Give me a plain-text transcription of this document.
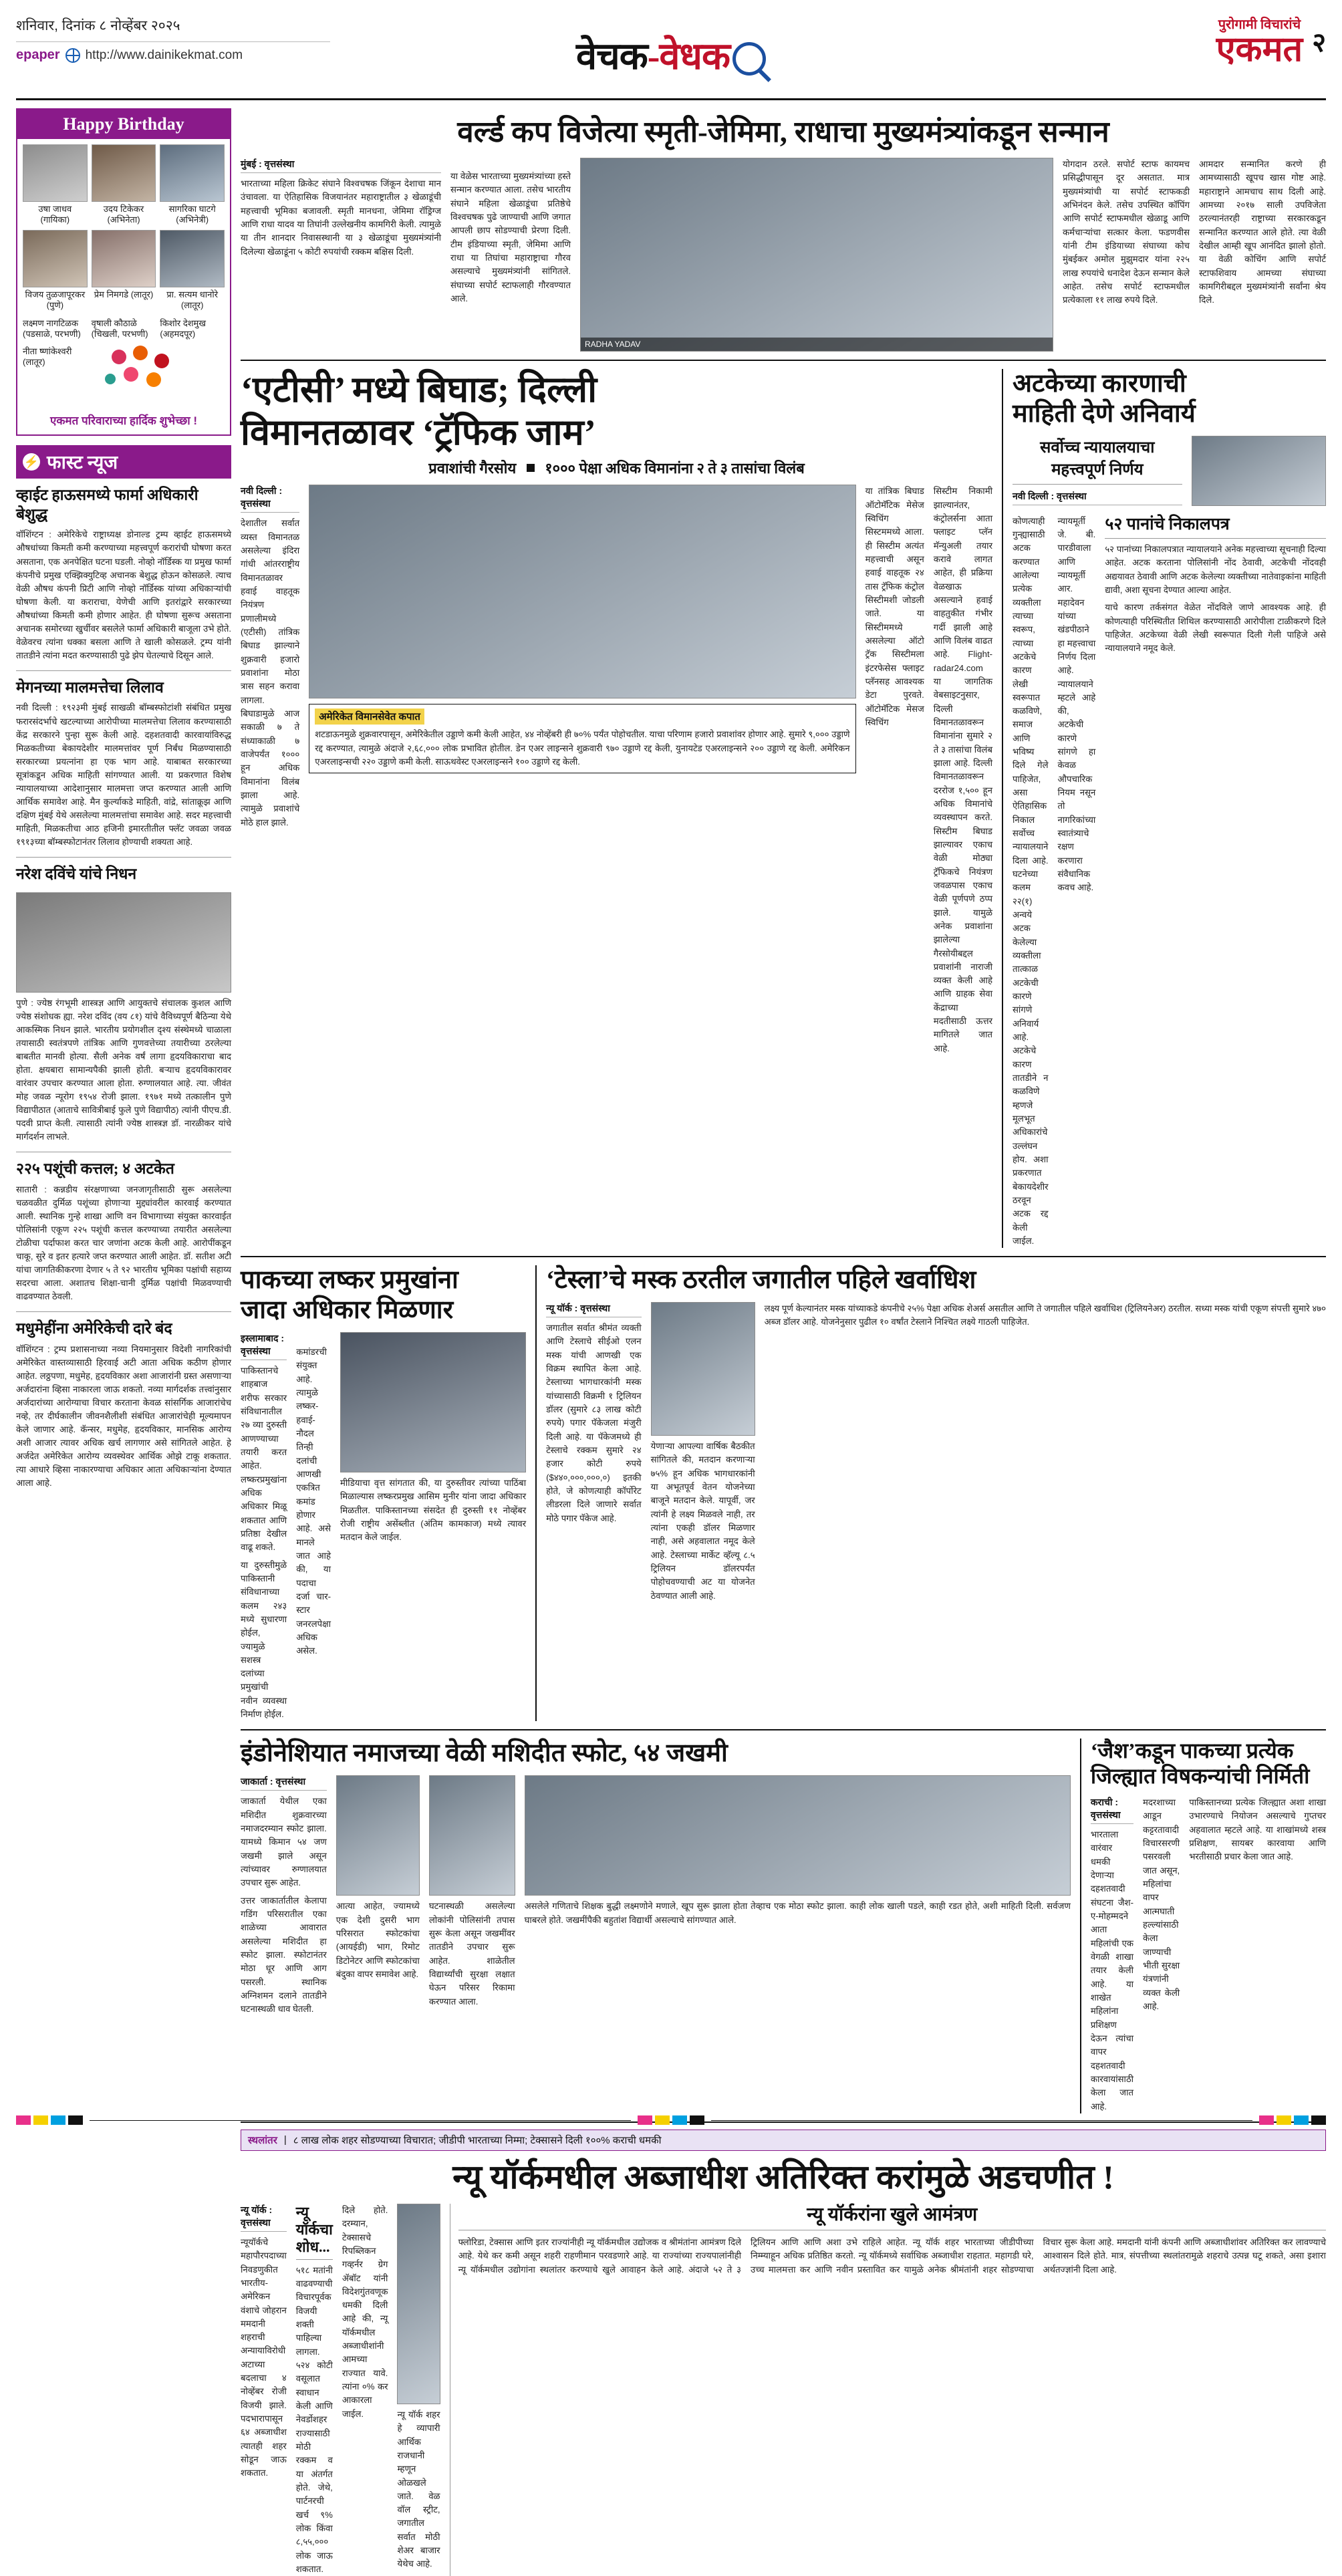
शनिवार, दिनांक ८ नोव्हेंबर २०२५
epaper http://www.dainikekmat.com	वेचक-वेधक
पुरोगामी विचारांचे
एकमत २
Happy Birthday
उषा जाधव (गायिका)
उदय टिकेकर (अभिनेता)
सागरिका घाटगे (अभिनेत्री)
विजय तुळजापूरकर (पुणे)
प्रेम निमगडे (लातूर)	प्रा. सत्यम धानोरे (लातूर)
लक्ष्मण नागटिळक (पडसाळे, परभणी)
वृषाली कौठाळे (चिखली, परभणी)
किशोर देशमुख (अहमदपूर)
नीता ष्णांकेश्वरी (लातूर)
एकमत परिवाराच्या हार्दिक शुभेच्छा !
⚡ फास्ट न्यूज
व्हाईट हाऊसमध्ये फार्मा अधिकारी बेशुद्ध
वॉशिंग्टन : अमेरिकेचे राष्ट्राध्यक्ष डोनाल्ड ट्रम्प व्हाईट हाऊसमध्ये औषधांच्या किमती कमी करण्याच्या महत्त्वपूर्ण करारांची घोषणा करत असताना, एक अनपेक्षित घटना घडली. नोव्हो नॉर्डिस्क या प्रमुख फार्मा कंपनीचे प्रमुख एक्झिक्युटिव्ह अचानक बेशुद्ध होऊन कोसळले. त्याच वेळी औषध कंपनी प्रिटी आणि नोव्हो नॉर्डिस्क यांच्या अधिकाऱ्यांची घोषणा केली. या कराराचा, येणेची आणि इतरांद्वारे सरकारच्या औषधांच्या किमती कमी होणार आहेत. ही घोषणा सुरूच असताना अचानक समोरच्या खुर्चीवर बसलेले फार्मा अधिकारी बाजूला उभे होते. वेळेवरच त्यांना धक्का बसला आणि ते खाली कोसळले. ट्रम्प यांनी तातडीने त्यांना मदत करण्यासाठी पुढे झेप घेतल्याचे दिसून आले.
मेगनच्या मालमत्तेचा लिलाव
नवी दिल्ली : १९२३मी मुंबई साखळी बॉम्बस्फोटांशी संबंधित प्रमुख फरारसंदर्भाचे खटल्याच्या आरोपीच्या मालमत्तेचा लिलाव करण्यासाठी केंद्र सरकारने पुन्हा सुरू केली आहे. दहशतवादी कारवायांविरुद्ध मिळकतीच्या बेकायदेशीर मालमत्तांवर पूर्ण निर्बंध मिळण्यासाठी सरकारच्या प्रयत्नांना हा एक भाग आहे. याबाबत सरकारच्या सूत्रांकडून अधिक माहिती सांगण्यात आली. या प्रकरणात विशेष न्यायालयाच्या आदेशानुसार मालमत्ता जप्त करण्यात आली आणि आर्थिक समावेश आहे. मैन कुर्ल्याकडे माहिती, वांद्रे, सांताक्रूझ आणि दक्षिण मुंबई येथे असलेल्या मालमत्तांचा समावेश आहे. सदर महत्त्वाची माहिती, मिळकतीचा आठ हजिनी इमारतीतील फ्लॅट जवळा जवळ १९१३च्या बॉम्बस्फोटानंतर लिलाव होण्याची शक्यता आहे.
नरेश दविंचे यांचे निधन
पुणे : ज्येष्ठ रंगभूमी शास्त्रज्ञ आणि आयुक्तचे संचालक कुशल आणि ज्येष्ठ संशोधक ह्या. नरेश दविंद (वय ८१) यांचे वैविध्यपूर्ण बैठिन्या येथे आकस्मिक निधन झाले. भारतीय प्रयोगशील दृश्य संस्थेमध्ये चाळाला तयासाठी स्वतंत्रपणे तांत्रिक आणि गुणवत्तेच्या तयारीच्या ठरलेल्या बाबतीत मानवी होत्या. सैली अनेक वर्षं लागा हृदयविकाराचा बाद होता. क्षयबारा सामान्यपैकी झाली होती. बऱ्याच हृदयविकारावर वारंवार उपचार करण्यात आला होता. रुग्णालयात आहे. त्या. जीवंत मोह जवळ न्यूरोग १९५४ रोजी झाला. १९७१ मध्ये तत्कालीन पुणे विद्यापीठात (आताचे सावित्रीबाई फुले पुणे विद्यापीठ) त्यांनी पीएच.डी. पदवी प्राप्त केली. त्यासाठी त्यांनी ज्येष्ठ शास्त्रज्ञ डॉ. नारळीकर यांचे मार्गदर्शन लाभले.
२२५ पशूंची कत्तल; ४ अटकेत
सातारी : कन्नडीय संरक्षणाच्या जनजागृतीसाठी सुरू असलेल्या चळवळीत दुर्मिळ पशूंच्या होणाऱ्या मुद्द्यांवरील कारवाई करण्यात आली. स्थानिक गुन्हे शाखा आणि वन विभागाच्या संयुक्त कारवाईत पोलिसांनी एकूण २२५ पशूंची कत्तल करण्याच्या तयारीत असलेल्या टोळीचा पर्दाफाश करत चार जणांना अटक केली आहे. आरोपींकडून चाकू, सुरे व इतर हत्यारे जप्त करण्यात आली आहेत. डॉ. सतीश अटी यांचा जागतिकीकरणा देणार ५ ते ९२ भारतीय भूमिका पक्षांची सहाय्य सदरचा आला. अशातच शिक्षा-चानी दुर्मिळ पक्षांची मिळवण्याची वाढवण्यात ठेवली.
मधुमेहींना अमेरिकेची दारे बंद
वॉशिंग्टन : ट्रम्प प्रशासनाच्या नव्या नियमानुसार विदेशी नागरिकांची अमेरिकेत वास्तव्यासाठी हिरवाई अटी आता अधिक कठीण होणार आहेत. लठ्ठपणा, मधुमेह, हृदयविकार अशा आजारांनी ग्रस्त असणाऱ्या अर्जदारांना व्हिसा नाकारला जाऊ शकतो. नव्या मार्गदर्शक तत्त्वांनुसार अर्जदारांच्या आरोग्याचा विचार करताना केवळ सांसर्गिक आजारांचेच नव्हे, तर दीर्घकालीन जीवनशैलीशी संबंधित आजारांचेही मूल्यमापन केले जाणार आहे. कॅन्सर, मधुमेह, हृदयविकार, मानसिक आरोग्य अशी आजार त्यावर अधिक खर्च लागणार असे सांगितले आहेत. हे अर्जदेत अमेरिकेत आरोग्य व्यवस्थेवर आर्थिक ओझे टाकू शकतात. त्या आधारे व्हिसा नाकारण्याचा अधिकार आता अधिकाऱ्यांना देण्यात आला आहे.
वर्ल्ड कप विजेत्या स्मृती-जेमिमा, राधाचा मुख्यमंत्र्यांकडून सन्मान
मुंबई : वृत्तसंस्था
भारताच्या महिला क्रिकेट संघाने विश्वचषक जिंकून देशाचा मान उंचावला. या ऐतिहासिक विजयानंतर महाराष्ट्रातील ३ खेळाडूंची महत्त्वाची भूमिका बजावली. स्मृती मानधना, जेमिमा रॉड्रिग्ज आणि राधा यादव या तिघांनी उल्लेखनीय कामगिरी केली. त्यामुळे या तीन शानदार निवासस्थानी या ३ खेळाडूंचा मुख्यमंत्र्यांनी दिलेल्या खेळाडूंना ५ कोटी रुपयांची रक्कम बक्षिस दिली.
या वेळेस भारताच्या मुख्यमंत्र्यांच्या हस्ते सन्मान करण्यात आला. तसेच भारतीय संघाने महिला खेळाडूंचा प्रतिष्ठेचे विश्वचषक पुढे जाण्याची आणि जगात आपली छाप सोडण्याची प्रेरणा दिली. टीम इंडियाच्या स्मृती, जेमिमा आणि राधा या तिघांचा महाराष्ट्राचा गौरव असल्याचे मुख्यमंत्र्यांनी सांगितले. संघाच्या सपोर्ट स्टाफलाही गौरवण्यात आले.
RADHA YADAV
योगदान ठरले. सपोर्ट स्टाफ कायमच प्रसिद्धीपासून दूर असतात. मात्र मुख्यमंत्र्यांची या सपोर्ट स्टाफकडी अभिनंदन केले. तसेच उपस्थित कॉपिंग आणि सपोर्ट स्टाफमधील खेळाडू आणि कर्मचाऱ्यांचा सत्कार केला. फडणवीस यांनी टीम इंडियाच्या संघाच्या कोच मुंबईकर अमोल मुझुमदार यांना २२५ लाख रुपयांचे धनादेश देऊन सन्मान केले आहेत. तसेच सपोर्ट स्टाफमधील प्रत्येकाला ११ लाख रुपये दिले.
आमदार सन्मानित करणे ही आमच्यासाठी खूपच खास गोष्ट आहे. महाराष्ट्राने आमचाच साथ दिली आहे. आमच्या २०१७ साली उपविजेता ठरल्यानंतरही राष्ट्राच्या सरकारकडून सन्मानित करण्यात आले होते. त्या वेळी देखील आम्ही खूप आनंदित झालो होतो. या वेळी कोचिंग आणि सपोर्ट स्टाफशिवाय आमच्या संघाच्या कामगिरीबद्दल मुख्यमंत्र्यांनी सर्वांना श्रेय दिले.
‘एटीसी’ मध्ये बिघाड; दिल्ली
विमानतळावर ‘ट्रॅफिक जाम’
प्रवाशांची गैरसोय १००० पेक्षा अधिक विमानांना २ ते ३ तासांचा विलंब
नवी दिल्ली : वृत्तसंस्था
देशातील सर्वात व्यस्त विमानतळ असलेल्या इंदिरा गांधी आंतरराष्ट्रीय विमानतळावर हवाई वाहतूक नियंत्रण प्रणालीमध्ये (एटीसी) तांत्रिक बिघाड झाल्याने शुक्रवारी हजारो प्रवाशांना मोठा त्रास सहन करावा लागला. बिघाडामुळे आज सकाळी ७ ते संध्याकाळी ७ वाजेपर्यंत १००० हून अधिक विमानांना विलंब झाला आहे. त्यामुळे प्रवाशांचे मोठे हाल झाले.
अमेरिकेत विमानसेवेत कपात
शटडाऊनमुळे शुक्रवारपासून, अमेरिकेतील उड्डाणे कमी केली आहेत, ४४ नोव्हेंबरी ही ७०% पर्यंत पोहोचतील. याचा परिणाम हजारो प्रवाशांवर होणार आहे. सुमारे ९,००० उड्डाणे रद्द करण्यात, त्यामुळे अंदाजे २,६८,००० लोक प्रभावित होतील. डेन एअर लाइन्सने शुक्रवारी ९७० उड्डाणे रद्द केली, युनायटेड एअरलाइन्सने २०० उड्डाणे रद्द केली. अमेरिकन एअरलाइन्सची २२० उड्डाणे कमी केली. साऊथवेस्ट एअरलाइन्सने १०० उड्डाणे रद्द केली.
या तांत्रिक बिघाड ऑटोमॅटिक मेसेज स्विचिंग सिस्टममध्ये आला. ही सिस्टीम अत्यंत महत्त्वाची असून हवाई वाहतूक २४ तास ट्रॅफिक कंट्रोल सिस्टीमशी जोडली जाते. या सिस्टीममध्ये असलेल्या ऑटो ट्रॅक सिस्टीमला इंटरफेसेस फ्लाइट प्लॅनसह आवश्यक डेटा पुरवते. ऑटोमॅटिक मेसज स्विचिंग
सिस्टीम निकामी झाल्यानंतर, कंट्रोलर्सना आता फ्लाइट प्लॅन मॅन्युअली तयार करावे लागत आहेत, ही प्रक्रिया वेळखाऊ असल्याने हवाई वाहतुकीत गंभीर गर्दी झाली आहे आणि विलंब वाढत आहे. Flight-radar24.com या जागतिक वेबसाइटनुसार, दिल्ली विमानतळावरून विमानांना सुमारे २ ते ३ तासांचा विलंब झाला आहे. दिल्ली विमानतळावरून दररोज १,५०० हून अधिक विमानांचे व्यवस्थापन करते. सिस्टीम बिघाड झाल्यावर एकाच वेळी मोठ्या ट्रॅफिकचे नियंत्रण जवळपास एकाच वेळी पूर्णपणे ठप्प झाले. यामुळे अनेक प्रवाशांना झालेल्या गैरसोयीबद्दल प्रवाशांनी नाराजी व्यक्त केली आहे आणि ग्राहक सेवा केंद्राच्या मदतीसाठी ऊत्तर मागितले जात आहे.
अटकेच्या कारणाची
माहिती देणे अनिवार्य
सर्वोच्च न्यायालयाचा महत्त्वपूर्ण निर्णय
नवी दिल्ली : वृत्तसंस्था
कोणत्याही गुन्ह्यासाठी अटक करण्यात आलेल्या प्रत्येक व्यक्तीला त्याच्या स्वरूप, त्याच्या अटकेचे कारण लेखी स्वरूपात कळविणे, समाज आणि भविष्य दिले गेले पाहिजेत, असा ऐतिहासिक निकाल सर्वोच्च न्यायालयाने दिला आहे. घटनेच्या कलम २२(१) अन्वये अटक केलेल्या व्यक्तीला तात्काळ अटकेची कारणे सांगणे अनिवार्य आहे. अटकेचे कारण तातडीने न कळविणे म्हणजे मूलभूत अधिकारांचे उल्लंघन होय. अशा प्रकरणात बेकायदेशीर ठरवून अटक रद्द केली जाईल.
न्यायमूर्ती जे. बी. पारडीवाला आणि न्यायमूर्ती आर. महादेवन यांच्या खंडपीठाने हा महत्त्वाचा निर्णय दिला आहे. न्यायालयाने म्हटले आहे की, अटकेची कारणे सांगणे हा केवळ औपचारिक नियम नसून तो नागरिकांच्या स्वातंत्र्याचे रक्षण करणारा संवैधानिक कवच आहे.
५२ पानांचे निकालपत्र
५२ पानांच्या निकालपत्रात न्यायालयाने अनेक महत्त्वाच्या सूचनाही दिल्या आहेत. अटक करताना पोलिसांनी नोंद ठेवावी, अटकेची नोंदवही अद्ययावत ठेवावी आणि अटक केलेल्या व्यक्तीच्या नातेवाइकांना माहिती द्यावी, अशा सूचना देण्यात आल्या आहेत.
याचे कारण तर्कसंगत वेळेत नोंदविले जाणे आवश्यक आहे. ही कोणत्याही परिस्थितीत शिथिल करण्यासाठी आरोपीला टाळीकरणे दिले पाहिजेत. अटकेच्या वेळी लेखी स्वरूपात दिली गेली पाहिजे असे न्यायालयाने नमूद केले.
पाकच्या लष्कर प्रमुखांना
जादा अधिकार मिळणार
इस्लामाबाद : वृत्तसंस्था
पाकिस्तानचे शाहबाज शरीफ सरकार संविधानातील २७ व्या दुरुस्ती आणण्याच्या तयारी करत आहेत. लष्करप्रमुखांना अधिक अधिकार मिळू शकतात आणि प्रतिष्ठा देखील वाढू शकते.
या दुरुस्तीमुळे पाकिस्तानी संविधानाच्या कलम २४३ मध्ये सुधारणा होईल, ज्यामुळे सशस्त्र दलांच्या प्रमुखांची नवीन व्यवस्था निर्माण होईल.
कमांडरची संयुक्त आहे. त्यामुळे लष्कर-हवाई-नौदल तिन्ही दलांची आणखी एकत्रित कमांड होणार आहे. असे मानले जात आहे की, या पदाचा दर्जा चार-स्टार जनरलपेक्षा अधिक असेल.
मीडियाचा वृत्त सांगतात की, या दुरुस्तीवर त्यांच्या पाठिंबा मिळाल्यास लष्करप्रमुख आसिम मुनीर यांना जादा अधिकार मिळतील. पाकिस्तानच्या संसदेत ही दुरुस्ती ११ नोव्हेंबर रोजी राष्ट्रीय असेंब्लीत (अंतिम कामकाज) मध्ये त्यावर मतदान केले जाईल.
‘टेस्ला’चे मस्क ठरतील जगातील पहिले खर्वाधिश
न्यू यॉर्क : वृत्तसंस्था
जगातील सर्वात श्रीमंत व्यक्ती आणि टेस्लाचे सीईओ एलन मस्क यांची आणखी एक विक्रम स्थापित केला आहे. टेस्लाच्या भागधारकांनी मस्क यांच्यासाठी विक्रमी १ ट्रिलियन डॉलर (सुमारे ८३ लाख कोटी रुपये) पगार पॅकेजला मंजुरी दिली आहे. या पॅकेजमध्ये ही टेस्लाचे रक्कम सुमारे २४ हजार कोटी रुपये ($४४०,०००,०००,०) इतकी होते, जे कोणत्याही कॉर्पोरेट लीडरला दिले जाणारे सर्वात मोठे पगार पॅकेज आहे.
येणाऱ्या आपल्या वार्षिक बैठकीत सांगितले की, मतदान करणाऱ्या ७५% हून अधिक भागधारकांनी या अभूतपूर्व वेतन योजनेच्या बाजूने मतदान केले. यापूर्वी, जर त्यांनी हे लक्ष्य मिळवले नाही, तर त्यांना एकही डॉलर मिळणार नाही, असे अहवालात नमूद केले आहे. टेस्लाच्या मार्केट व्हॅल्यू ८.५ ट्रिलियन डॉलरपर्यंत पोहोचवण्याची अट या योजनेत ठेवण्यात आली आहे.
लक्ष्य पूर्ण केल्यानंतर मस्क यांच्याकडे कंपनीचे २५% पेक्षा अधिक शेअर्स असतील आणि ते जगातील पहिले खर्वाधिश (ट्रिलियनेअर) ठरतील. सध्या मस्क यांची एकूण संपत्ती सुमारे ४७० अब्ज डॉलर आहे. योजनेनुसार पुढील १० वर्षांत टेस्लाने निश्चित लक्ष्ये गाठली पाहिजेत.
इंडोनेशियात नमाजच्या वेळी मशिदीत स्फोट, ५४ जखमी
जाकार्ता : वृत्तसंस्था
जाकार्ता येथील एका मशिदीत शुक्रवारच्या नमाजदरम्यान स्फोट झाला. यामध्ये किमान ५४ जण जखमी झाले असून त्यांच्यावर रुग्णालयात उपचार सुरू आहेत.
उत्तर जाकार्तातील केलापा गडिंग परिसरातील एका शाळेच्या आवारात असलेल्या मशिदीत हा स्फोट झाला. स्फोटानंतर मोठा धूर आणि आग पसरली. स्थानिक अग्निशमन दलाने तातडीने घटनास्थळी धाव घेतली.
आत्या आहेत, ज्यामध्ये एक देशी दुसरी भाग परिसरात स्फोटकांचा (आयईडी) भाग, रिमोट डिटोनेटर आणि स्फोटकांचा बंदुका वापर समावेश आहे.
घटनास्थळी असलेल्या लोकांनी पोलिसांनी तपास सुरू केला असून जखमींवर तातडीने उपचार सुरू आहेत. शाळेतील विद्यार्थ्यांची सुरक्षा लक्षात घेऊन परिसर रिकामा करण्यात आला.
असलेले गणिताचे शिक्षक बुद्धी लक्ष्मणोने मणाले, खूप सुरू झाला होता तेव्हाच एक मोठा स्फोट झाला. काही लोक खाली पडले, काही रडत होते, अशी माहिती दिली. सर्वजण घाबरले होते. जखमींपैकी बहुतांश विद्यार्थी असल्याचे सांगण्यात आले.
‘जैश’कडून पाकच्या प्रत्येक
जिल्ह्यात विषकन्यांची निर्मिती
कराची : वृत्तसंस्था
भारताला वारंवार धमकी देणाऱ्या दहशतवादी संघटना जैश-ए-मोहम्मदने आता महिलांची एक वेगळी शाखा तयार केली आहे. या शाखेत महिलांना प्रशिक्षण देऊन त्यांचा वापर दहशतवादी कारवायांसाठी केला जात आहे.
मदरशाच्या आडून कट्टरतावादी विचारसरणी पसरवली जात असून, महिलांचा वापर आत्मघाती हल्ल्यांसाठी केला जाण्याची भीती सुरक्षा यंत्रणांनी व्यक्त केली आहे.
पाकिस्तानच्या प्रत्येक जिल्ह्यात अशा शाखा उभारण्याचे नियोजन असल्याचे गुप्तचर अहवालात म्हटले आहे. या शाखांमध्ये शस्त्र प्रशिक्षण, सायबर कारवाया आणि भरतीसाठी प्रचार केला जात आहे.
स्थलांतर | ८ लाख लोक शहर सोडण्याच्या विचारात; जीडीपी भारताच्या निम्मा; टेक्सासने दिली १००% कराची धमकी
न्यू यॉर्कमधील अब्जाधीश अतिरिक्त करांमुळे अडचणीत !
न्यू यॉर्क : वृत्तसंस्था
न्यूयॉर्कचे महापौरपदाच्या निवडणुकीत भारतीय-अमेरिकन वंशाचे जोहरान ममदानी शहराची अन्यायाविरोधी अटाच्या बदलाचा ४ नोव्हेंबर रोजी विजयी झाले. पदभारापासून ६४ अब्जाधीश त्यातही शहर सोडून जाऊ शकतात.
न्यू यॉर्कचा शोध...
५१८ मतांनी वाढवण्याची विचारपूर्वक विजयी शक्ती पाहिल्या लागला. ५२४ कोटी वसूलात स्वाधान केली आणि नेवर्डोशहर राज्यासाठी मोठी रक्कम व या अंतर्गत होते. जेथे, पार्टनरची खर्च ९% लोक किंवा ८,५५,००० लोक जाऊ शकतात.
दिले होते. दरम्यान, टेक्सासचे रिपब्लिकन गव्हर्नर ग्रेग ॲबॉट यांनी विदेशगुंतवणूक धमकी दिली आहे की, न्यू यॉर्कमधील अब्जाधीशांनी आमच्या राज्यात यावे. त्यांना ०% कर आकारला जाईल.	न्यू यॉर्क शहर हे व्यापारी आर्थिक राजधानी म्हणून ओळखले जाते. वेळ वॉल स्ट्रीट, जगातील सर्वात मोठी शेअर बाजार येथेच आहे.
न्यू यॉर्करांना खुले आमंत्रण
फ्लोरिडा, टेक्सास आणि इतर राज्यांनीही न्यू यॉर्कमधील उद्योजक व श्रीमंतांना आमंत्रण दिले आहे. येथे कर कमी असून शहरी राहणीमान परवडणारे आहे. या राज्यांच्या राज्यपालांनीही न्यू यॉर्कमधील उद्योगांना स्थलांतर करण्याचे खुले आवाहन केले आहे. अंदाजे ५२ ते ३ ट्रिलियन आणि आणि अशा उभे राहिले आहेत. न्यू यॉर्क शहर भारताच्या जीडीपीच्या निम्म्याहून अधिक प्रतिष्ठित करतो. न्यू यॉर्कमध्ये सर्वाधिक अब्जाधीश राहतात. महागडी घरे, उच्च मालमत्ता कर आणि नवीन प्रस्तावित कर यामुळे अनेक श्रीमंतांनी शहर सोडण्याचा विचार सुरू केला आहे. ममदानी यांनी कंपनी आणि अब्जाधीशांवर अतिरिक्त कर लावण्याचे आश्वासन दिले होते. मात्र, संपत्तीच्या स्थलांतरामुळे शहराचे उत्पन्न घटू शकते, असा इशारा अर्थतज्ज्ञांनी दिला आहे.
